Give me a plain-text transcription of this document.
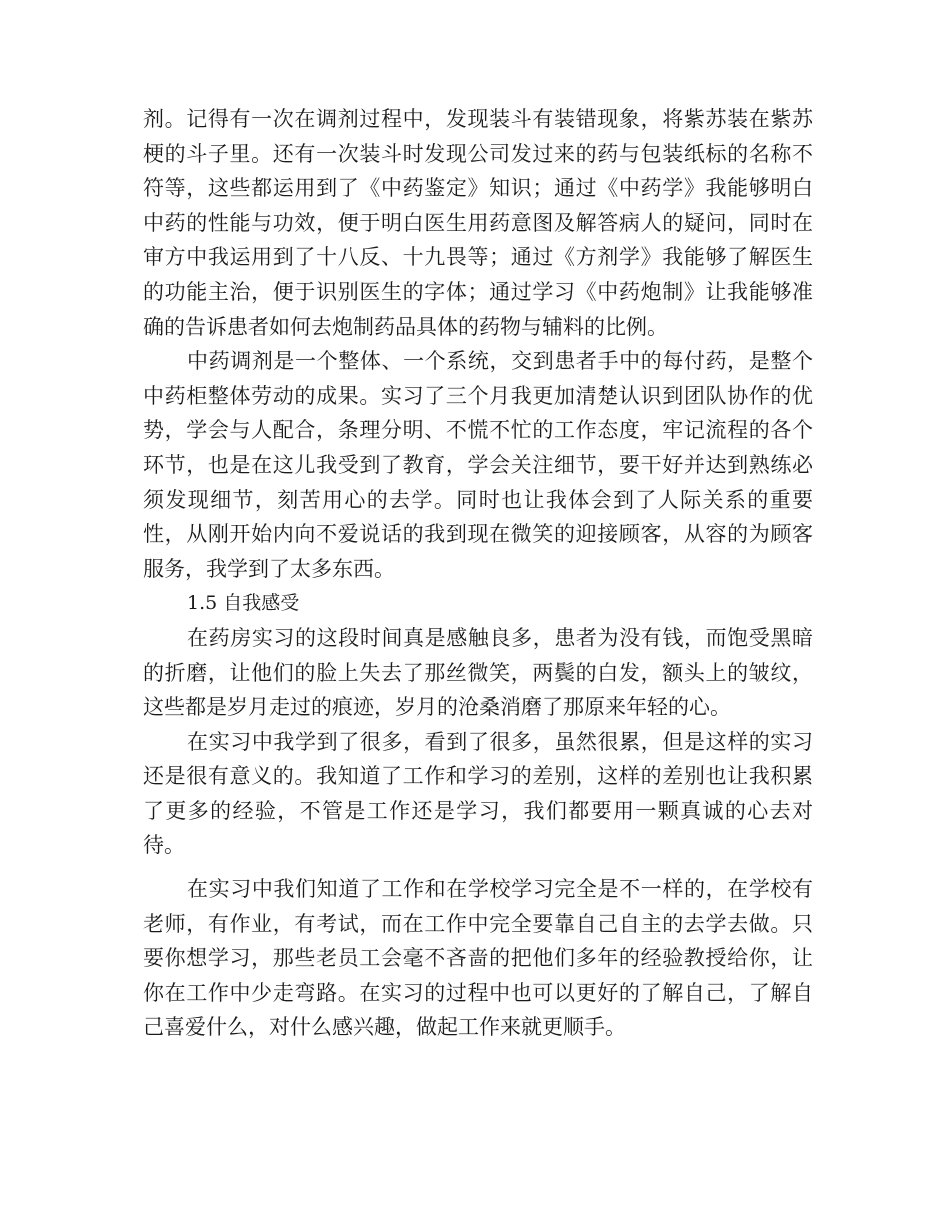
剂。记得有一次在调剂过程中，发现装斗有装错现象，将紫苏装在紫苏梗的斗子里。还有一次装斗时发现公司发过来的药与包装纸标的名称不符等，这些都运用到了《中药鉴定》知识；通过《中药学》我能够明白中药的性能与功效，便于明白医生用药意图及解答病人的疑问，同时在审方中我运用到了十八反、十九畏等；通过《方剂学》我能够了解医生的功能主治，便于识别医生的字体；通过学习《中药炮制》让我能够准确的告诉患者如何去炮制药品具体的药物与辅料的比例。

中药调剂是一个整体、一个系统，交到患者手中的每付药，是整个中药柜整体劳动的成果。实习了三个月我更加清楚认识到团队协作的优势，学会与人配合，条理分明、不慌不忙的工作态度，牢记流程的各个环节，也是在这儿我受到了教育，学会关注细节，要干好并达到熟练必须发现细节，刻苦用心的去学。同时也让我体会到了人际关系的重要性，从刚开始内向不爱说话的我到现在微笑的迎接顾客，从容的为顾客服务，我学到了太多东西。

1.5 自我感受

在药房实习的这段时间真是感触良多，患者为没有钱，而饱受黑暗的折磨，让他们的脸上失去了那丝微笑，两鬓的白发，额头上的皱纹，这些都是岁月走过的痕迹，岁月的沧桑消磨了那原来年轻的心。

在实习中我学到了很多，看到了很多，虽然很累，但是这样的实习还是很有意义的。我知道了工作和学习的差别，这样的差别也让我积累了更多的经验，不管是工作还是学习，我们都要用一颗真诚的心去对待。

在实习中我们知道了工作和在学校学习完全是不一样的，在学校有老师，有作业，有考试，而在工作中完全要靠自己自主的去学去做。只要你想学习，那些老员工会毫不吝啬的把他们多年的经验教授给你，让你在工作中少走弯路。在实习的过程中也可以更好的了解自己，了解自己喜爱什么，对什么感兴趣，做起工作来就更顺手。
